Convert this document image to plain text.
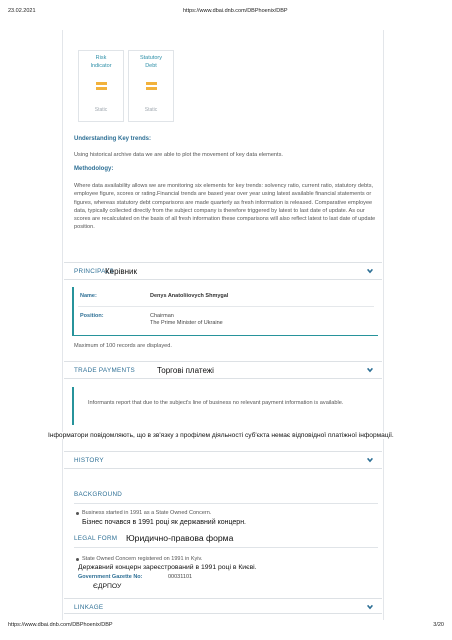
23.02.2021	https://www.dbai.dnb.com/DBPhoenix/DBP
Risk
Indicator
Static
Statutory
Debt
Static
Understanding Key trends:
Using historical archive data we are able to plot the movement of key data elements.
Methodology:
Where data availability allows we are monitoring six elements for key trends: solvency ratio, current ratio, statutory debts, employee figure, scores or rating.Financial trends are based year over year using latest available financial statements or figures, whereas statutory debt comparisons are made quarterly as fresh information is released. Comparative employee data, typically collected directly from the subject company is therefore triggered by latest to last date of update. As our scores are recalculated on the basis of all fresh information these comparisons will also reflect latest to last date of update position.
PRINCIPALS
Керівник
Name:	Denys Anatoliiovych Shmygal
Position:	Chairman
The Prime Minister of Ukraine
Maximum of 100 records are displayed.
TRADE PAYMENTS	Торгові платежі
Informants report that due to the subject's line of business no relevant payment information is available.
Інформатори повідомляють, що в зв'язку з профілем діяльності суб'єкта немає відповідної платіжної інформації.
HISTORY
BACKGROUND
Business started in 1991 as a State Owned Concern.
Бізнес почався в 1991 році як державний концерн.
LEGAL FORM Юридично-правова форма
State Owned Concern registered on 1991 in Kyiv.
Державний концерн зареєстрований в 1991 році в Києві.
Government Gazette No:	00031101
ЄДРПОУ
LINKAGE
https://www.dbai.dnb.com/DBPhoenix/DBP	3/20
